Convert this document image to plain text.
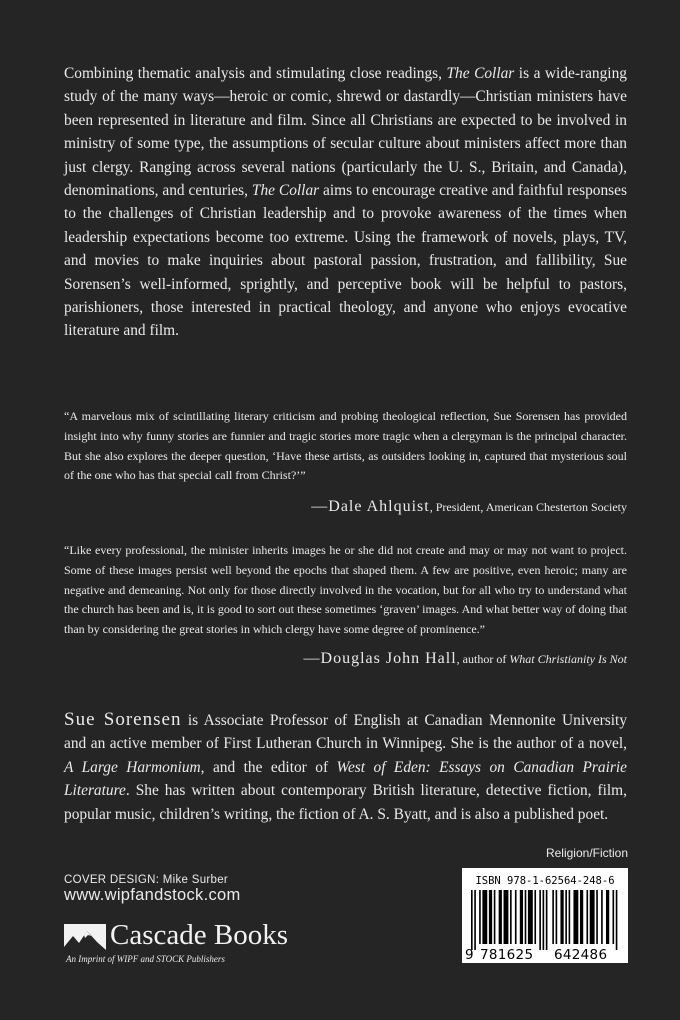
Combining thematic analysis and stimulating close readings, The Collar is a wide-ranging study of the many ways—heroic or comic, shrewd or dastardly—Christian ministers have been represented in literature and film. Since all Christians are expected to be involved in ministry of some type, the assumptions of secular culture about ministers affect more than just clergy. Ranging across several nations (particularly the U. S., Britain, and Canada), denominations, and centuries, The Collar aims to encourage creative and faithful responses to the challenges of Christian leadership and to provoke awareness of the times when leadership expectations become too extreme. Using the framework of novels, plays, TV, and movies to make inquiries about pastoral passion, frustration, and fallibility, Sue Sorensen’s well-informed, sprightly, and perceptive book will be helpful to pastors, parishioners, those interested in practical theology, and anyone who enjoys evocative literature and film.

“A marvelous mix of scintillating literary criticism and probing theological reflection, Sue Sorensen has provided insight into why funny stories are funnier and tragic stories more tragic when a clergyman is the principal character. But she also explores the deeper question, ‘Have these artists, as outsiders looking in, captured that mysterious soul of the one who has that special call from Christ?’”

—Dale Ahlquist, President, American Chesterton Society

“Like every professional, the minister inherits images he or she did not create and may or may not want to project. Some of these images persist well beyond the epochs that shaped them. A few are positive, even heroic; many are negative and demeaning. Not only for those directly involved in the vocation, but for all who try to understand what the church has been and is, it is good to sort out these sometimes ‘graven’ images. And what better way of doing that than by considering the great stories in which clergy have some degree of prominence.”

—Douglas John Hall, author of What Christianity Is Not

Sue Sorensen is Associate Professor of English at Canadian Mennonite University and an active member of First Lutheran Church in Winnipeg. She is the author of a novel, A Large Harmonium, and the editor of West of Eden: Essays on Canadian Prairie Literature. She has written about contemporary British literature, detective fiction, film, popular music, children’s writing, the fiction of A. S. Byatt, and is also a published poet.

Religion/Fiction
COVER DESIGN: Mike Surber
www.wipfandstock.com
Cascade Books
An Imprint of WIPF and STOCK Publishers
ISBN 978-1-62564-248-6
9 781625 642486
